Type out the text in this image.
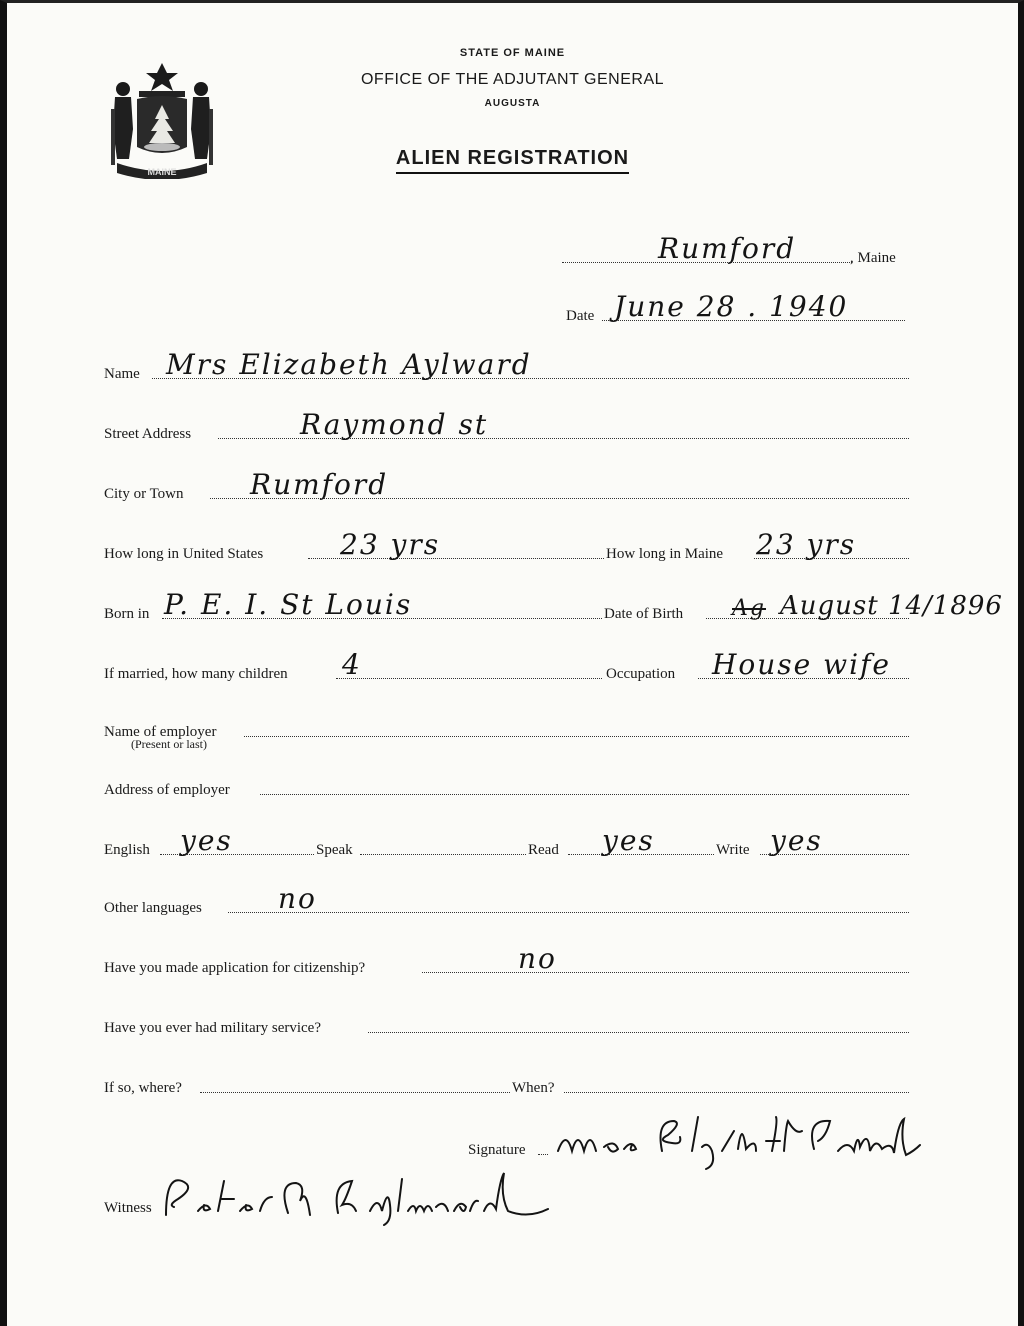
MAINE
STATE OF MAINE
OFFICE OF THE ADJUTANT GENERAL
AUGUSTA
ALIEN REGISTRATION
Rumford	, Maine
Date June 28 . 1940
Name Mrs Elizabeth Aylward
Street Address	Raymond st
City or Town Rumford
How long in United States	23 yrs	How long in Maine 23 yrs
Born in P. E. I. St Louis	Date of Birth Ag August 14/1896
If married, how many children 4	Occupation House wife
Name of employer
(Present or last)
Address of employer
English yes	Speak	Read yes	Write yes
Other languages	no
Have you made application for citizenship?	no
Have you ever had military service?
If so, where?	When?
Signature
Witness
